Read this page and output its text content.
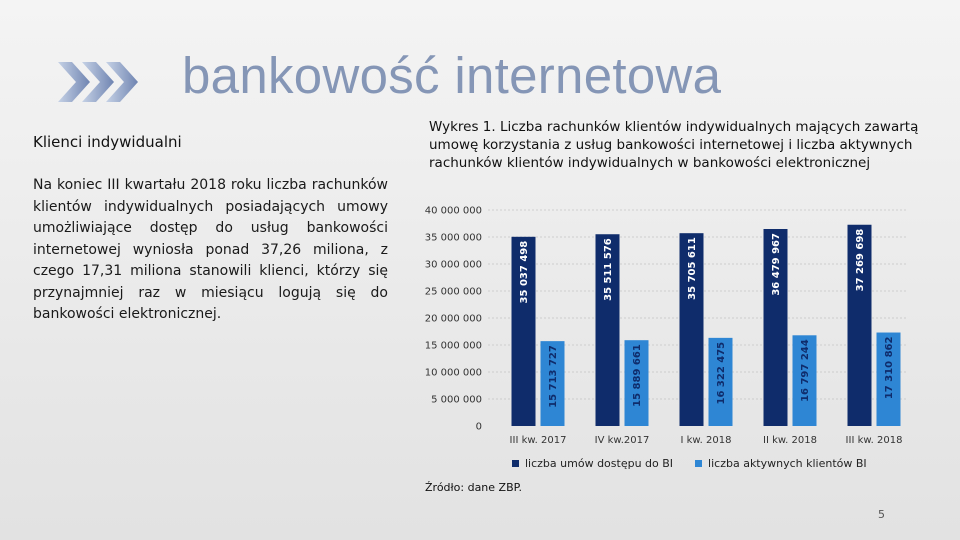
bankowość internetowa
Klienci indywidualni
Na koniec III kwartału 2018 roku liczba rachunków klientów indywidualnych posiadających umowy umożliwiające dostęp do usług bankowości internetowej wyniosła ponad 37,26 miliona, z czego 17,31 miliona stanowili klienci, którzy się przynajmniej raz w miesiącu logują się do bankowości elektronicznej.
Wykres 1. Liczba rachunków klientów indywidualnych mających zawartą umowę korzystania z usług bankowości internetowej i liczba aktywnych rachunków klientów indywidualnych w bankowości elektronicznej
0
5 000 000
10 000 000
15 000 000
20 000 000
25 000 000
30 000 000
35 000 000
40 000 000
35 037 498
15 713 727
III kw. 2017
35 511 576
15 889 661
IV kw.2017
35 705 611
16 322 475
I kw. 2018
36 479 967
16 797 244
II kw. 2018
37 269 698
17 310 862
III kw. 2018
liczba umów dostępu do BI	liczba aktywnych klientów BI
Źródło: dane ZBP.
5
